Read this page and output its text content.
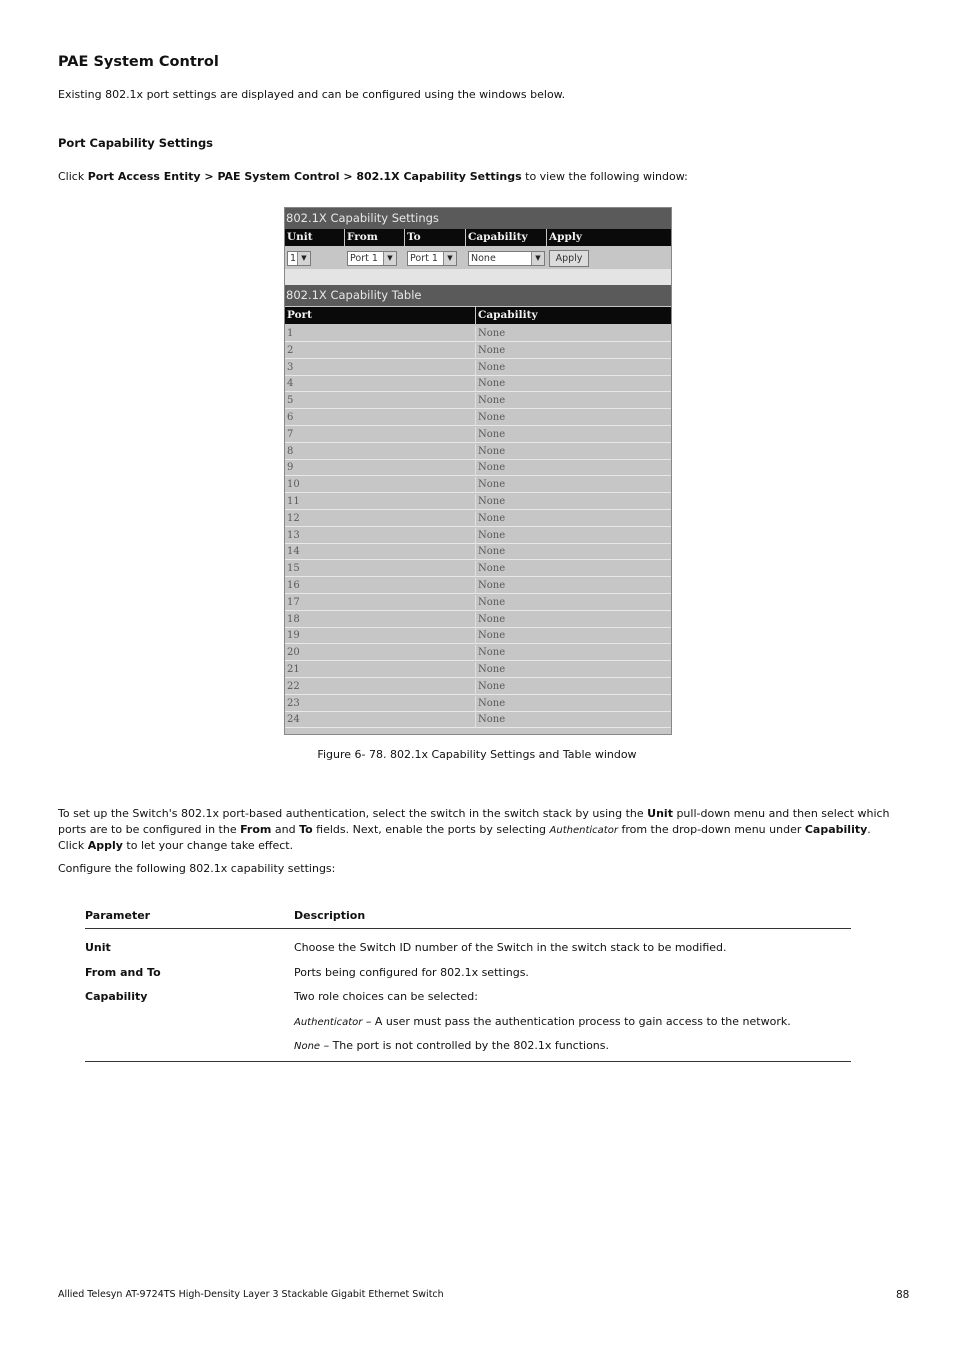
PAE System Control
Existing 802.1x port settings are displayed and can be configured using the windows below.
Port Capability Settings
Click Port Access Entity > PAE System Control > 802.1X Capability Settings to view the following window:
802.1X Capability Settings
Unit	From	To	Capability	Apply
1 ▼	Port 1	▼	Port 1	▼	None	▼	Apply
802.1X Capability Table
Port	Capability
1	None
2	None
3	None
4	None
5	None
6	None
7	None
8	None
9	None
10	None
11	None
12	None
13	None
14	None
15	None
16	None
17	None
18	None
19	None
20	None
21	None
22	None
23	None
24	None
Figure 6- 78. 802.1x Capability Settings and Table window
To set up the Switch's 802.1x port-based authentication, select the switch in the switch stack by using the Unit pull-down menu and then select which ports are to be configured in the From and To fields. Next, enable the ports by selecting Authenticator from the drop-down menu under Capability. Click Apply to let your change take effect.
Configure the following 802.1x capability settings:
Parameter	Description

Unit	Choose the Switch ID number of the Switch in the switch stack to be modified.
From and To	Ports being configured for 802.1x settings.
Capability	Two role choices can be selected:
	Authenticator – A user must pass the authentication process to gain access to the network.
	None – The port is not controlled by the 802.1x functions.
Allied Telesyn AT-9724TS High-Density Layer 3 Stackable Gigabit Ethernet Switch	88
